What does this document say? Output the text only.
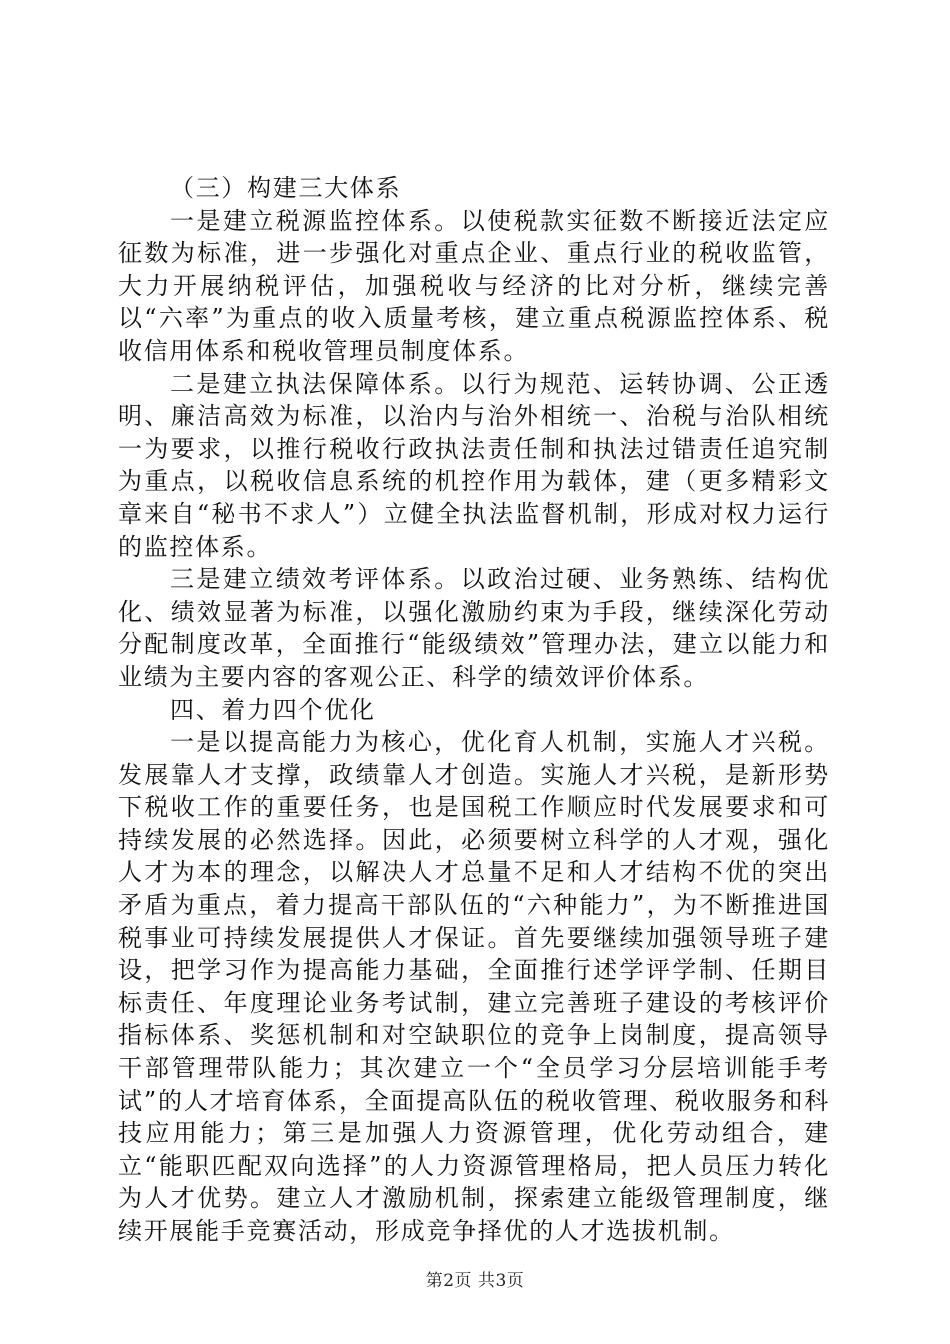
（三）构建三大体系

一是建立税源监控体系。以使税款实征数不断接近法定应征数为标准，进一步强化对重点企业、重点行业的税收监管，大力开展纳税评估，加强税收与经济的比对分析，继续完善以“六率”为重点的收入质量考核，建立重点税源监控体系、税收信用体系和税收管理员制度体系。

二是建立执法保障体系。以行为规范、运转协调、公正透明、廉洁高效为标准，以治内与治外相统一、治税与治队相统一为要求，以推行税收行政执法责任制和执法过错责任追究制为重点，以税收信息系统的机控作用为载体，建（更多精彩文章来自“秘书不求人”）立健全执法监督机制，形成对权力运行的监控体系。

三是建立绩效考评体系。以政治过硬、业务熟练、结构优化、绩效显著为标准，以强化激励约束为手段，继续深化劳动分配制度改革，全面推行“能级绩效”管理办法，建立以能力和业绩为主要内容的客观公正、科学的绩效评价体系。

四、着力四个优化

一是以提高能力为核心，优化育人机制，实施人才兴税。发展靠人才支撑，政绩靠人才创造。实施人才兴税，是新形势下税收工作的重要任务，也是国税工作顺应时代发展要求和可持续发展的必然选择。因此，必须要树立科学的人才观，强化人才为本的理念，以解决人才总量不足和人才结构不优的突出矛盾为重点，着力提高干部队伍的“六种能力”，为不断推进国税事业可持续发展提供人才保证。首先要继续加强领导班子建设，把学习作为提高能力基础，全面推行述学评学制、任期目标责任、年度理论业务考试制，建立完善班子建设的考核评价指标体系、奖惩机制和对空缺职位的竞争上岗制度，提高领导干部管理带队能力；其次建立一个“全员学习分层培训能手考试”的人才培育体系，全面提高队伍的税收管理、税收服务和科技应用能力；第三是加强人力资源管理，优化劳动组合，建立“能职匹配双向选择”的人力资源管理格局，把人员压力转化为人才优势。建立人才激励机制，探索建立能级管理制度，继续开展能手竞赛活动，形成竞争择优的人才选拔机制。

第2页 共3页
